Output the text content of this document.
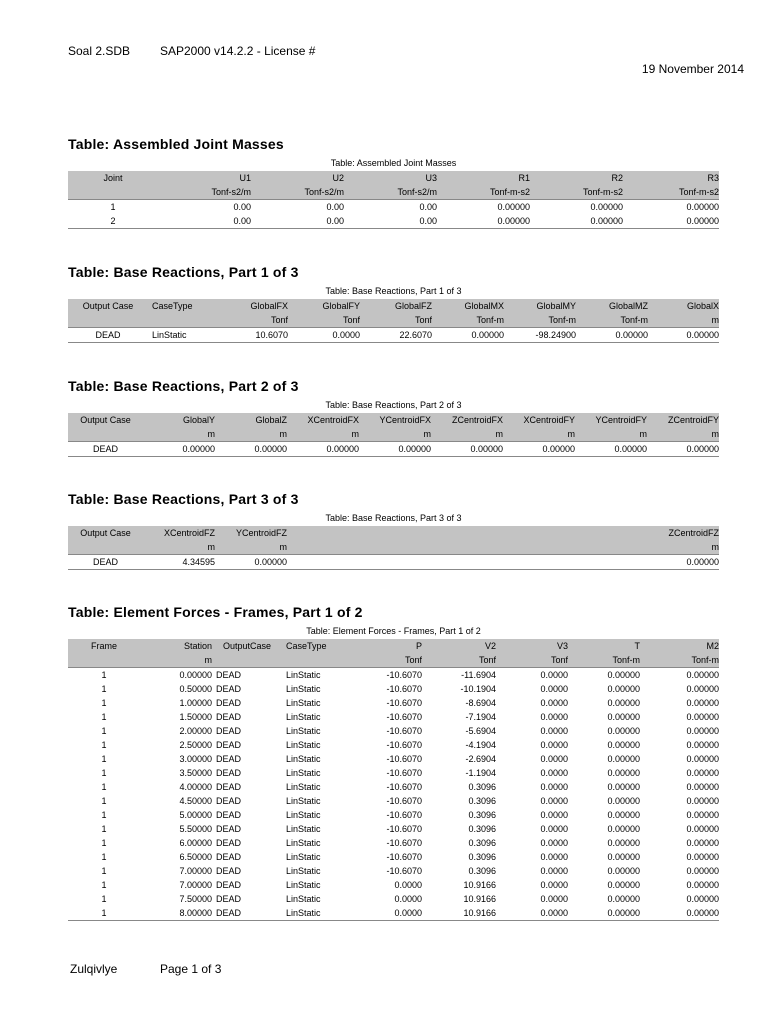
Soal 2.SDB SAP2000 v14.2.2 - License #
19 November 2014
Table: Assembled Joint Masses
Table: Assembled Joint Masses
Joint	U1	U2	U3	R1	R2	R3
	Tonf-s2/m	Tonf-s2/m	Tonf-s2/m	Tonf-m-s2	Tonf-m-s2	Tonf-m-s2
1	0.00	0.00	0.00	0.00000	0.00000	0.00000
2	0.00	0.00	0.00	0.00000	0.00000	0.00000
Table: Base Reactions, Part 1 of 3
Table: Base Reactions, Part 1 of 3
Output Case	CaseType	GlobalFX	GlobalFY	GlobalFZ	GlobalMX	GlobalMY	GlobalMZ	GlobalX
		Tonf	Tonf	Tonf	Tonf-m	Tonf-m	Tonf-m	m
DEAD	LinStatic	10.6070	0.0000	22.6070	0.00000	-98.24900	0.00000	0.00000
Table: Base Reactions, Part 2 of 3
Table: Base Reactions, Part 2 of 3
Output Case	GlobalY	GlobalZ	XCentroidFX	YCentroidFX	ZCentroidFX	XCentroidFY	YCentroidFY	ZCentroidFY
	m	m	m	m	m	m	m	m
DEAD	0.00000	0.00000	0.00000	0.00000	0.00000	0.00000	0.00000	0.00000
Table: Base Reactions, Part 3 of 3
Table: Base Reactions, Part 3 of 3
Output Case	XCentroidFZ	YCentroidFZ	ZCentroidFZ
	m	m	m
DEAD	4.34595	0.00000	0.00000
Table: Element Forces - Frames, Part 1 of 2
Table: Element Forces - Frames, Part 1 of 2
Frame	Station	OutputCase	CaseType	P	V2	V3	T	M2
	m			Tonf	Tonf	Tonf	Tonf-m	Tonf-m
1	0.00000	DEAD	LinStatic	-10.6070	-11.6904	0.0000	0.00000	0.00000
1	0.50000	DEAD	LinStatic	-10.6070	-10.1904	0.0000	0.00000	0.00000
1	1.00000	DEAD	LinStatic	-10.6070	-8.6904	0.0000	0.00000	0.00000
1	1.50000	DEAD	LinStatic	-10.6070	-7.1904	0.0000	0.00000	0.00000
1	2.00000	DEAD	LinStatic	-10.6070	-5.6904	0.0000	0.00000	0.00000
1	2.50000	DEAD	LinStatic	-10.6070	-4.1904	0.0000	0.00000	0.00000
1	3.00000	DEAD	LinStatic	-10.6070	-2.6904	0.0000	0.00000	0.00000
1	3.50000	DEAD	LinStatic	-10.6070	-1.1904	0.0000	0.00000	0.00000
1	4.00000	DEAD	LinStatic	-10.6070	0.3096	0.0000	0.00000	0.00000
1	4.50000	DEAD	LinStatic	-10.6070	0.3096	0.0000	0.00000	0.00000
1	5.00000	DEAD	LinStatic	-10.6070	0.3096	0.0000	0.00000	0.00000
1	5.50000	DEAD	LinStatic	-10.6070	0.3096	0.0000	0.00000	0.00000
1	6.00000	DEAD	LinStatic	-10.6070	0.3096	0.0000	0.00000	0.00000
1	6.50000	DEAD	LinStatic	-10.6070	0.3096	0.0000	0.00000	0.00000
1	7.00000	DEAD	LinStatic	-10.6070	0.3096	0.0000	0.00000	0.00000
1	7.00000	DEAD	LinStatic	0.0000	10.9166	0.0000	0.00000	0.00000
1	7.50000	DEAD	LinStatic	0.0000	10.9166	0.0000	0.00000	0.00000
1	8.00000	DEAD	LinStatic	0.0000	10.9166	0.0000	0.00000	0.00000
Zulqivlye	Page 1 of 3
